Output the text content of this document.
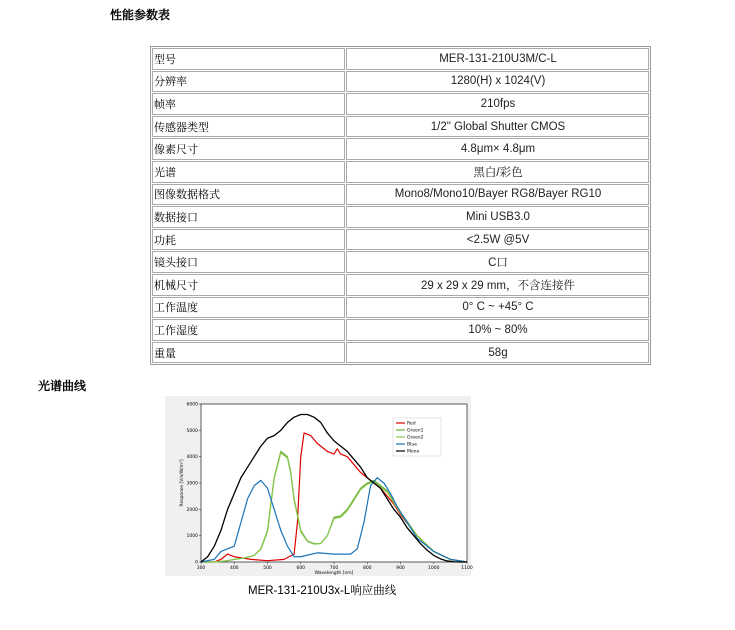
性能参数表
型号	MER-131-210U3M/C-L
分辨率	1280(H) x 1024(V)
帧率	210fps
传感器类型	1/2" Global Shutter CMOS
像素尺寸	4.8μm× 4.8μm
光谱	黑白/彩色
图像数据格式	Mono8/Mono10/Bayer RG8/Bayer RG10
数据接口	Mini USB3.0
功耗	<2.5W @5V
镜头接口	C口
机械尺寸	29 x 29 x 29 mm，不含连接件
工作温度	0° C ~ +45° C
工作湿度	10% ~ 80%
重量	58g
光谱曲线
0
1000
2000
3000
4000
5000
6000
300	400	500	600	700	800	900	1000	1100
Red
Green1
Green2
Blue
Mono
Wavelength [nm]
Response [V/s/W/m²]
MER-131-210U3x-L响应曲线
